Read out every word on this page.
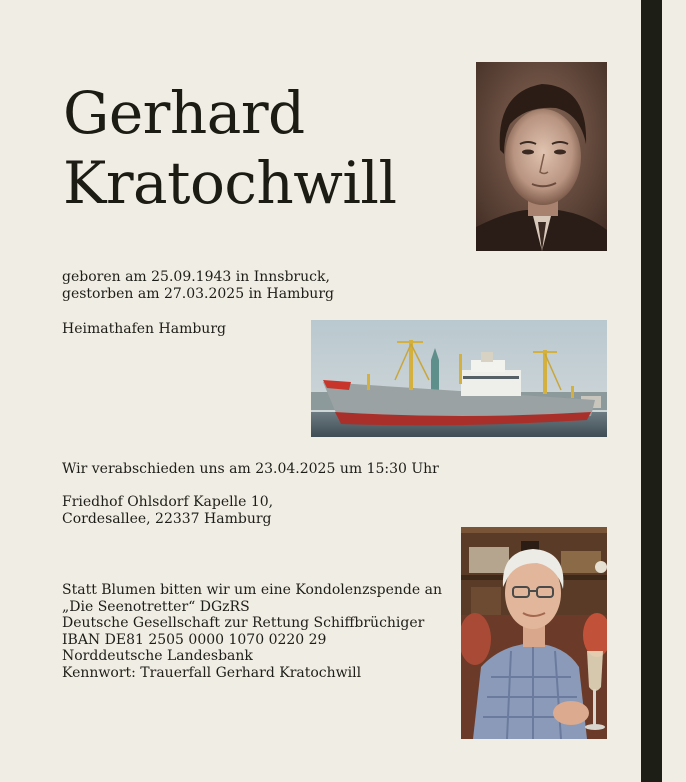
Gerhard
Kratochwill
geboren am 25.09.1943 in Innsbruck,
gestorben am 27.03.2025 in Hamburg
Heimathafen Hamburg
Wir verabschieden uns am 23.04.2025 um 15:30 Uhr
Friedhof Ohlsdorf Kapelle 10,
Cordesallee, 22337 Hamburg
Statt Blumen bitten wir um eine Kondolenzspende an
„Die Seenotretter“ DGzRS
Deutsche Gesellschaft zur Rettung Schiffbrüchiger
IBAN DE81 2505 0000 1070 0220 29
Norddeutsche Landesbank
Kennwort: Trauerfall Gerhard Kratochwill
